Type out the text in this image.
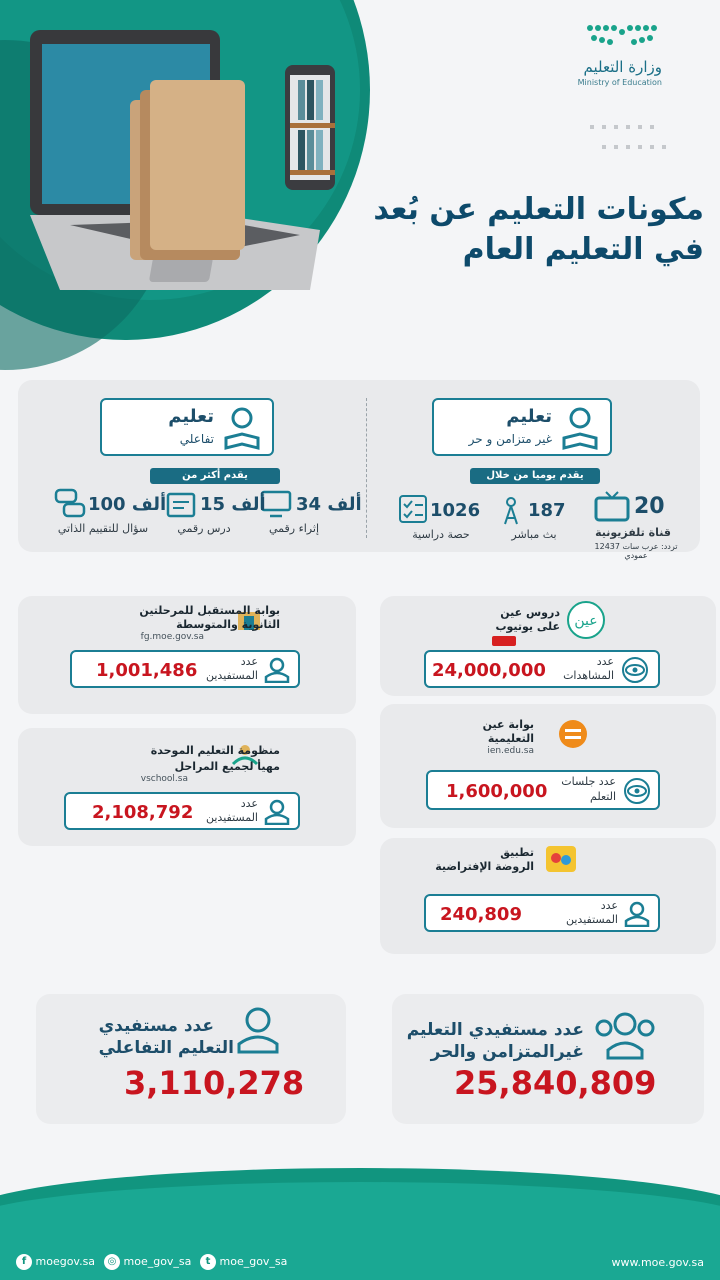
وزارة التعليم
Ministry of Education
مكونات التعليم عن بُعد
في التعليم العام
تعليم
غير متزامن و حر
يقدم يوميا من خلال
20
قناة تلفزيونية
تردد: عرب سات 12437 عمودي
187
بث مباشر
1026
حصة دراسية
تعليم
تفاعلي
يقدم أكثر من
34 ألف
إثراء رقمي
15 ألف
درس رقمي
100 ألف
سؤال للتقييم الذاتي
بوابة المستقبل للمرحلتين
الثانوية والمتوسطة
fg.moe.gov.sa
عدد
المستفيدين
1,001,486
منظومة التعليم الموحدة
مهيأ لجميع المراحل
vschool.sa
عدد
المستفيدين
2,108,792
عين
دروس عين
على يوتيوب
عدد
المشاهدات
24,000,000
بوابة عين
التعليمية
ien.edu.sa
عدد جلسات
التعلم
1,600,000
تطبيق
الروضة الإفتراضية
عدد
المستفيدين
240,809
عدد مستفيدي
التعليم التفاعلي
3,110,278
عدد مستفيدي التعليم
غيرالمتزامن والحر
25,840,809
f moegov.sa	◎ moe_gov_sa	t moe_gov_sa	www.moe.gov.sa
